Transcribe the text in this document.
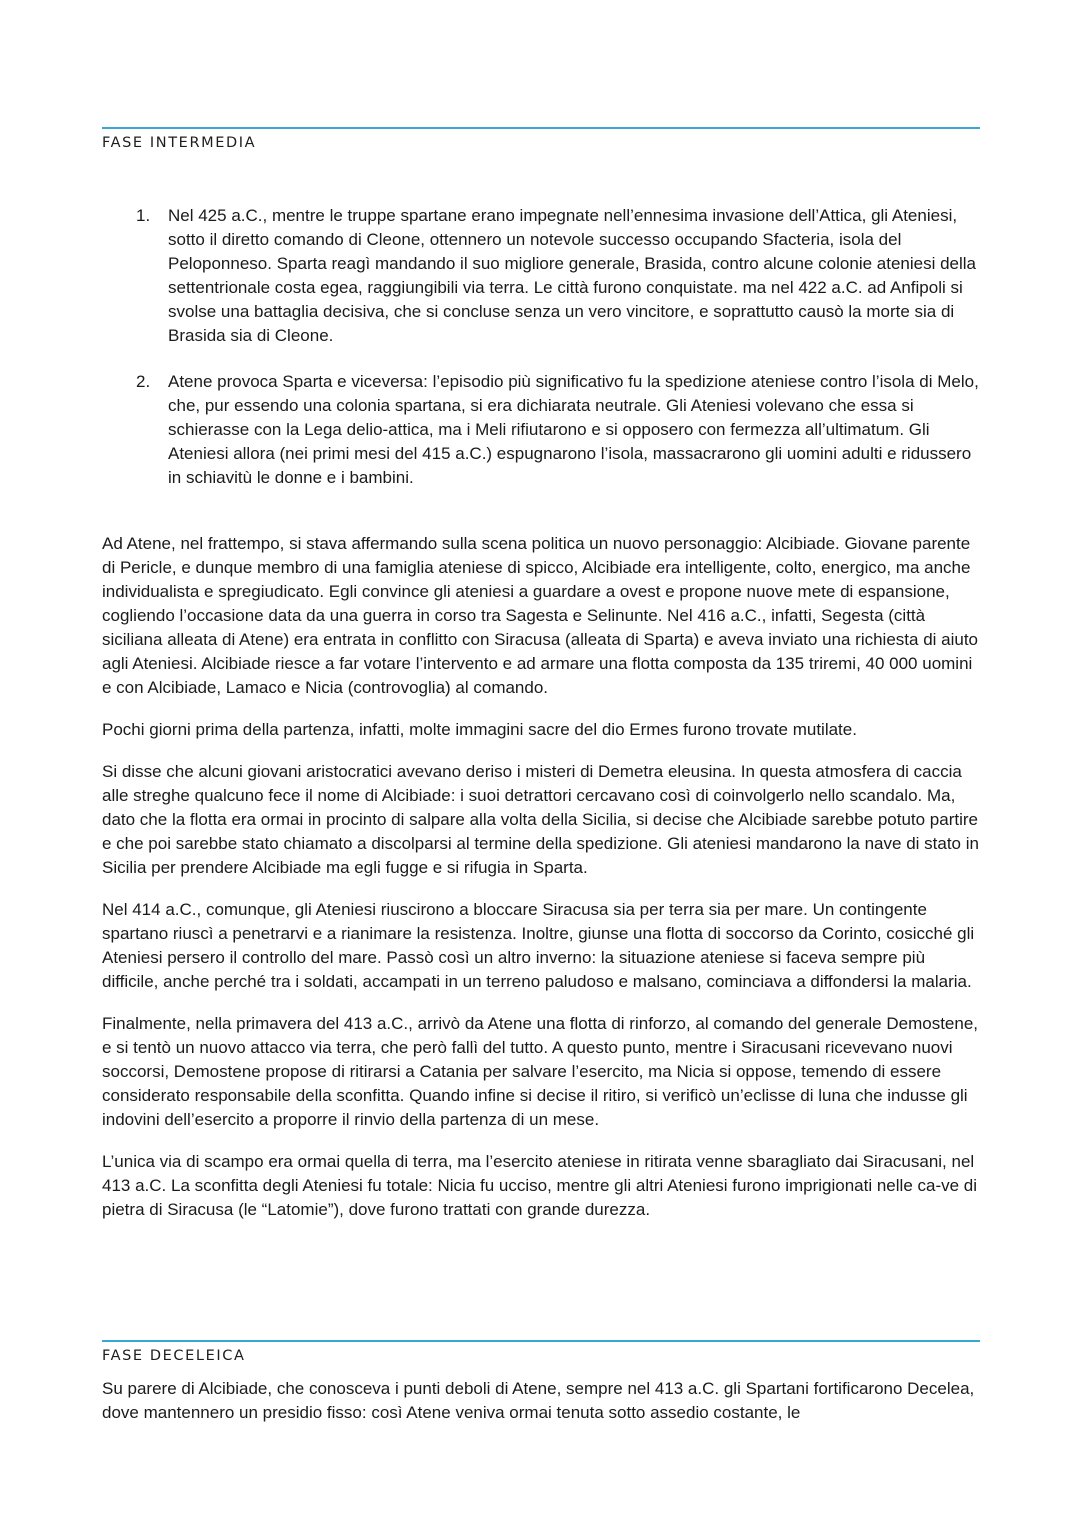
FASE INTERMEDIA
1. Nel 425 a.C., mentre le truppe spartane erano impegnate nell’ennesima invasione dell’Attica, gli Ateniesi, sotto il diretto comando di Cleone, ottennero un notevole successo occupando Sfacteria, isola del Peloponneso. Sparta reagì mandando il suo migliore generale, Brasida, contro alcune colonie ateniesi della settentrionale costa egea, raggiungibili via terra. Le città furono conquistate. ma nel 422 a.C. ad Anfipoli si svolse una battaglia decisiva, che si concluse senza un vero vincitore, e soprattutto causò la morte sia di Brasida sia di Cleone.
2. Atene provoca Sparta e viceversa: l’episodio più significativo fu la spedizione ateniese contro l’isola di Melo, che, pur essendo una colonia spartana, si era dichiarata neutrale. Gli Ateniesi volevano che essa si schierasse con la Lega delio-attica, ma i Meli rifiutarono e si opposero con fermezza all’ultimatum. Gli Ateniesi allora (nei primi mesi del 415 a.C.) espugnarono l’isola, massacrarono gli uomini adulti e ridussero in schiavitù le donne e i bambini.

Ad Atene, nel frattempo, si stava affermando sulla scena politica un nuovo personaggio: Alcibiade. Giovane parente di Pericle, e dunque membro di una famiglia ateniese di spicco, Alcibiade era intelligente, colto, energico, ma anche individualista e spregiudicato. Egli convince gli ateniesi a guardare a ovest e propone nuove mete di espansione, cogliendo l’occasione data da una guerra in corso tra Sagesta e Selinunte. Nel 416 a.C., infatti, Segesta (città siciliana alleata di Atene) era entrata in conflitto con Siracusa (alleata di Sparta) e aveva inviato una richiesta di aiuto agli Ateniesi. Alcibiade riesce a far votare l’intervento e ad armare una flotta composta da 135 triremi, 40 000 uomini e con Alcibiade, Lamaco e Nicia (controvoglia) al comando.

Pochi giorni prima della partenza, infatti, molte immagini sacre del dio Ermes furono trovate mutilate.

Si disse che alcuni giovani aristocratici avevano deriso i misteri di Demetra eleusina. In questa atmosfera di caccia alle streghe qualcuno fece il nome di Alcibiade: i suoi detrattori cercavano così di coinvolgerlo nello scandalo. Ma, dato che la flotta era ormai in procinto di salpare alla volta della Sicilia, si decise che Alcibiade sarebbe potuto partire e che poi sarebbe stato chiamato a discolparsi al termine della spedizione. Gli ateniesi mandarono la nave di stato in Sicilia per prendere Alcibiade ma egli fugge e si rifugia in Sparta.

Nel 414 a.C., comunque, gli Ateniesi riuscirono a bloccare Siracusa sia per terra sia per mare. Un contingente spartano riuscì a penetrarvi e a rianimare la resistenza. Inoltre, giunse una flotta di soccorso da Corinto, cosicché gli Ateniesi persero il controllo del mare. Passò così un altro inverno: la situazione ateniese si faceva sempre più difficile, anche perché tra i soldati, accampati in un terreno paludoso e malsano, cominciava a diffondersi la malaria.

Finalmente, nella primavera del 413 a.C., arrivò da Atene una flotta di rinforzo, al comando del generale Demostene, e si tentò un nuovo attacco via terra, che però fallì del tutto. A questo punto, mentre i Siracusani ricevevano nuovi soccorsi, Demostene propose di ritirarsi a Catania per salvare l’esercito, ma Nicia si oppose, temendo di essere considerato responsabile della sconfitta. Quando infine si decise il ritiro, si verificò un’eclisse di luna che indusse gli indovini dell’esercito a proporre il rinvio della partenza di un mese.

L’unica via di scampo era ormai quella di terra, ma l’esercito ateniese in ritirata venne sbaragliato dai Siracusani, nel 413 a.C. La sconfitta degli Ateniesi fu totale: Nicia fu ucciso, mentre gli altri Ateniesi furono imprigionati nelle ca-ve di pietra di Siracusa (le “Latomie”), dove furono trattati con grande durezza.

FASE DECELEICA

Su parere di Alcibiade, che conosceva i punti deboli di Atene, sempre nel 413 a.C. gli Spartani fortificarono Decelea, dove mantennero un presidio fisso: così Atene veniva ormai tenuta sotto assedio costante, le
